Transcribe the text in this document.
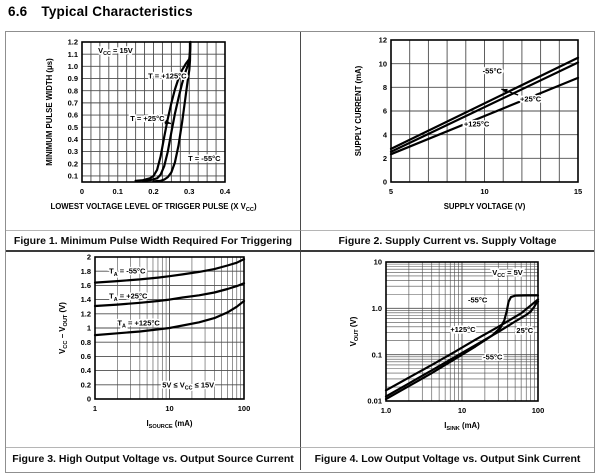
6.6 Typical Characteristics
$V_{CC} = 15V$
T = +125°C
T = +25°C
T = -55°C
0	0.1	0.2	0.3	0.4
0.1
0.2
0.3
0.4
0.5
0.6
0.7
0.8
0.9
1.0
1.1
1.2
LOWEST VOLTAGE LEVEL OF TRIGGER PULSE (X $V_{CC}$)
MINIMUM PULSE WIDTH (μs)	-55°C
+25°C
+125°C
5	10	15
0
2
4
6
8
10
12
SUPPLY VOLTAGE (V)
SUPPLY CURRENT (mA)
Figure 1. Minimum Pulse Width Required For Triggering	Figure 2. Supply Current vs. Supply Voltage
$T_A = -55^\circ C$
$T_A = +25^\circ C$
$T_A = +125^\circ C$
$5V \le V_{CC} \le 15V$
1	10	100
0
0.2
0.4
0.6
0.8
1
1.2
1.4
1.6
1.8
2
$I_{SOURCE}$ (mA)
$V_{CC} - V_{OUT}$ (V)
$V_{CC} = 5V$
-55°C
+125°C	25°C
-55°C
1.0	10	100
0.01
0.1
1.0
10
$I_{SINK}$ (mA)
$V_{OUT}$ (V)
Figure 3. High Output Voltage vs. Output Source Current Figure 4. Low Output Voltage vs. Output Sink Current
